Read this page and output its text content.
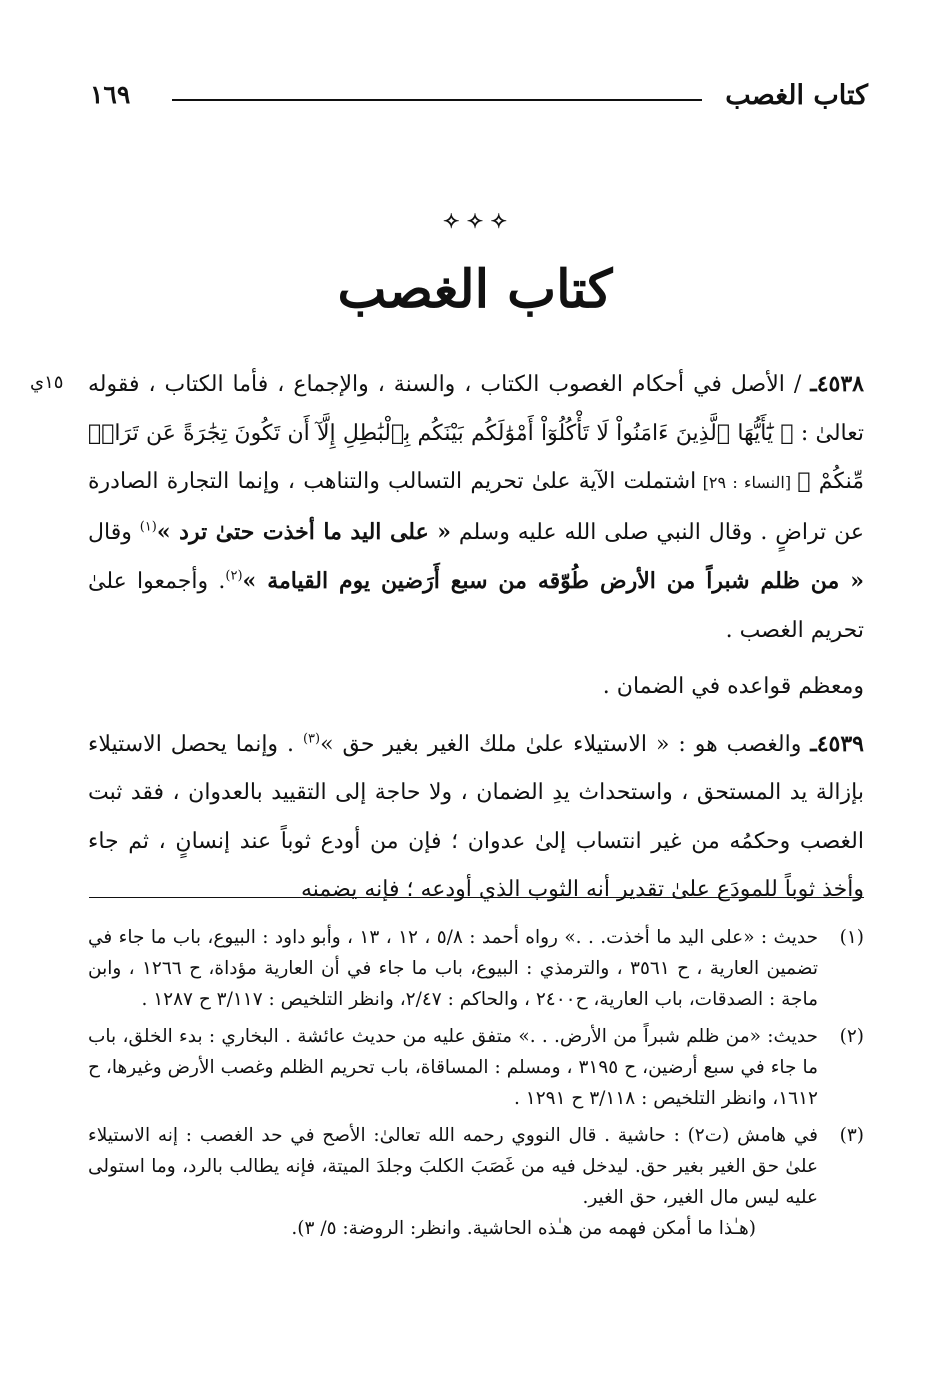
كتاب الغصب
١٦٩
✧ ✧ ✧
كتاب الغصب
١٥ي	٤٥٣٨ـ / الأصل في أحكام الغصوب الكتاب ، والسنة ، والإجماع ، فأما الكتاب ، فقوله تعالىٰ : ﴿ يَٰٓأَيُّهَا ٱلَّذِينَ ءَامَنُواْ لَا تَأْكُلُوٓاْ أَمْوَٰلَكُم بَيْنَكُم بِٱلْبَٰطِلِ إِلَّآ أَن تَكُونَ تِجَٰرَةً عَن تَرَاضٖ مِّنكُمْ ﴾ [النساء : ٢٩] اشتملت الآية علىٰ تحريم التسالب والتناهب ، وإنما التجارة الصادرة عن تراضٍ . وقال النبي صلى الله عليه وسلم « على اليد ما أخذت حتىٰ ترد »$^{(١)}$ وقال « من ظلم شبراً من الأرض طُوّقه من سبع أَرَضين يوم القيامة »$^{(٢)}$. وأجمعوا علىٰ تحريم الغصب .

ومعظم قواعده في الضمان .

٤٥٣٩ـ والغصب هو : « الاستيلاء علىٰ ملك الغير بغير حق »$^{(٣)}$ . وإنما يحصل الاستيلاء بإزالة يد المستحق ، واستحداث يدِ الضمان ، ولا حاجة إلى التقييد بالعدوان ، فقد ثبت الغصب وحكمُه من غير انتساب إلىٰ عدوان ؛ فإن من أودع ثوباً عند إنسانٍ ، ثم جاء وأخذ ثوباً للمودَع علىٰ تقدير أنه الثوب الذي أودعه ؛ فإنه يضمنه

(١)
حديث : «على اليد ما أخذت. . .» رواه أحمد : ٥/٨ ، ١٢ ، ١٣ ، وأبو داود : البيوع، باب ما جاء في تضمين العارية ، ح ٣٥٦١ ، والترمذي : البيوع، باب ما جاء في أن العارية مؤداة، ح ١٢٦٦ ، وابن ماجة : الصدقات، باب العارية، ح٢٤٠٠ ، والحاكم : ٢/٤٧، وانظر التلخيص : ٣/١١٧ ح ١٢٨٧ .
(٢)
حديث: «من ظلم شبراً من الأرض. . .» متفق عليه من حديث عائشة . البخاري : بدء الخلق، باب ما جاء في سبع أرضين، ح ٣١٩٥ ، ومسلم : المساقاة، باب تحريم الظلم وغصب الأرض وغيرها، ح ١٦١٢، وانظر التلخيص : ٣/١١٨ ح ١٢٩١ .
(٣)
في هامش (ت٢) : حاشية . قال النووي رحمه الله تعالىٰ: الأصح في حد الغصب : إنه الاستيلاء علىٰ حق الغير بغير حق. ليدخل فيه من غَصَبَ الكلبَ وجلدَ الميتة، فإنه يطالب بالرد، وما استولى عليه ليس مال الغير، حق الغير.
(هـٰذا ما أمكن فهمه من هـٰذه الحاشية. وانظر: الروضة: ٥/ ٣).
